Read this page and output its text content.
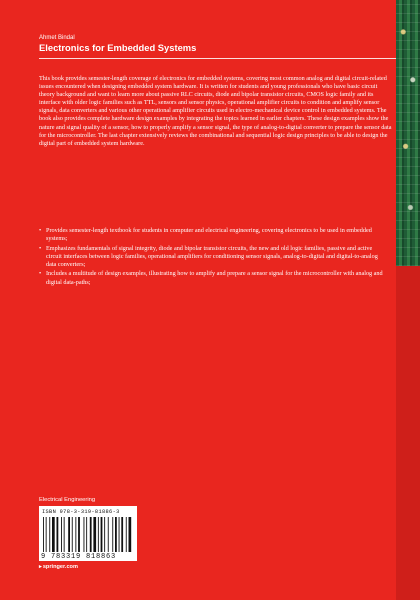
Ahmet Bindal

Electronics for Embedded Systems

This book provides semester-length coverage of electronics for embedded systems, covering most common analog and digital circuit-related issues encountered when designing embedded system hardware. It is written for students and young professionals who have basic circuit theory background and want to learn more about passive RLC circuits, diode and bipolar transistor circuits, CMOS logic family and its interface with older logic families such as TTL, sensors and sensor physics, operational amplifier circuits to condition and amplify sensor signals, data converters and various other operational amplifier circuits used in electro-mechanical device control in embedded systems. The book also provides complete hardware design examples by integrating the topics learned in earlier chapters. These design examples show the nature and signal quality of a sensor, how to properly amplify a sensor signal, the type of analog-to-digital converter to prepare the sensor data for the microcontroller. The last chapter extensively reviews the combinational and sequential logic design principles to be able to design the digital part of embedded system hardware.

• Provides semester-length textbook for students in computer and electrical engineering, covering electronics to be used in embedded systems;
• Emphasizes fundamentals of signal integrity, diode and bipolar transistor circuits, the new and old logic families, passive and active circuit interfaces between logic families, operational amplifiers for conditioning sensor signals, analog-to-digital and digital-to-analog data converters;
• Includes a multitude of design examples, illustrating how to amplify and prepare a sensor signal for the microcontroller with analog and digital data-paths;

Electrical Engineering

ISBN 978-3-319-81886-3

9 783319 818863

▸springer.com
